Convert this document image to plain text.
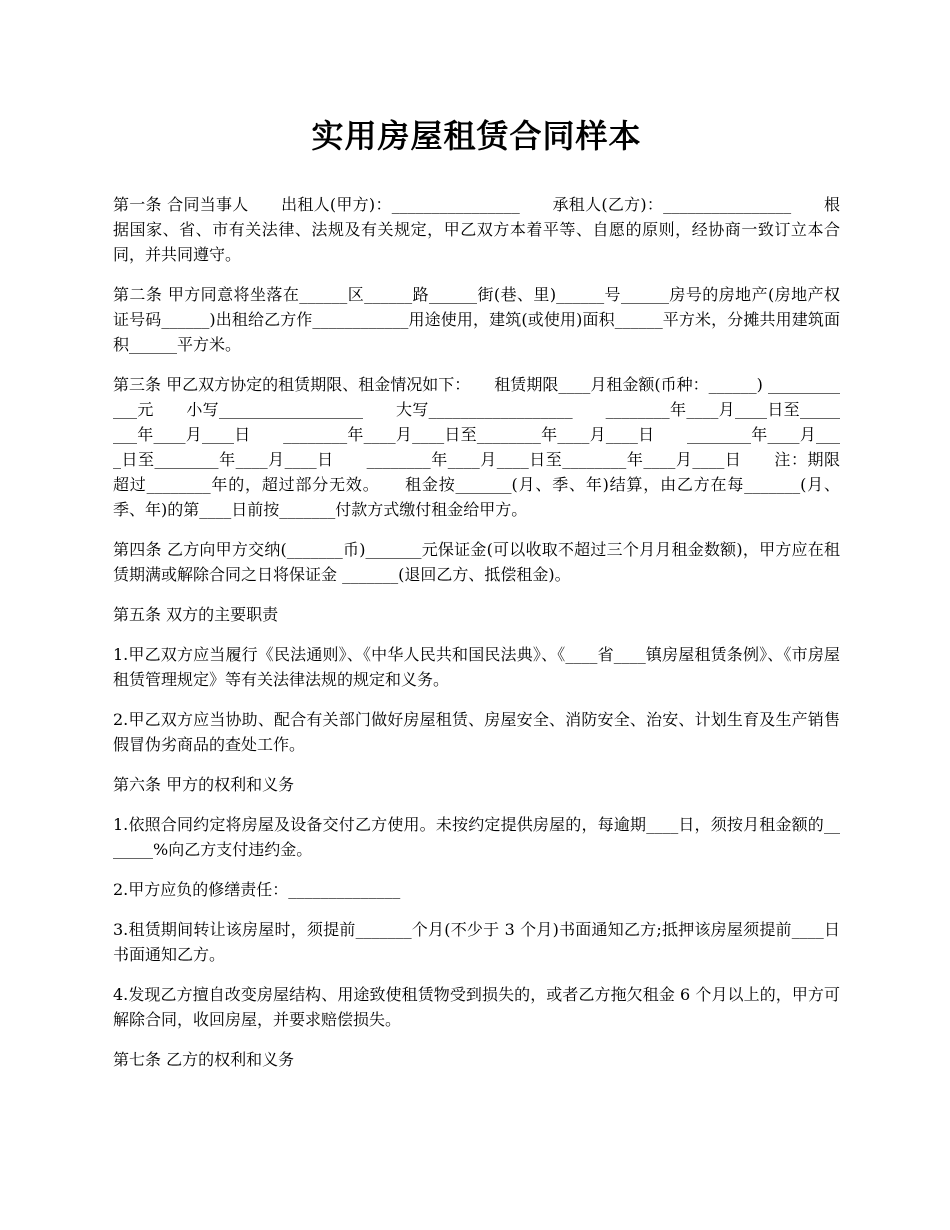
实用房屋租赁合同样本

第一条 合同当事人　　出租人(甲方)：________________　　承租人(乙方)：________________　　根据国家、省、市有关法律、法规及有关规定，甲乙双方本着平等、自愿的原则，经协商一致订立本合同，并共同遵守。

第二条 甲方同意将坐落在______区______路______街(巷、里)______号______房号的房地产(房地产权证号码______)出租给乙方作____________用途使用，建筑(或使用)面积______平方米，分摊共用建筑面积______平方米。

第三条 甲乙双方协定的租赁期限、租金情况如下：　　租赁期限____月租金额(币种：______) ____________元　　小写__________________　　大写__________________　　________年____月____日至________年____月____日　　________年____月____日至________年____月____日　　________年____月____日至________年____月____日　　________年____月____日至________年____月____日　　注：期限超过________年的，超过部分无效。　　租金按_______(月、季、年)结算，由乙方在每_______(月、季、年)的第____日前按_______付款方式缴付租金给甲方。

第四条 乙方向甲方交纳(_______币)_______元保证金(可以收取不超过三个月月租金数额)，甲方应在租赁期满或解除合同之日将保证金 _______(退回乙方、抵偿租金)。

第五条 双方的主要职责

1.甲乙双方应当履行《民法通则》、《中华人民共和国民法典》、《____省____镇房屋租赁条例》、《市房屋租赁管理规定》等有关法律法规的规定和义务。

2.甲乙双方应当协助、配合有关部门做好房屋租赁、房屋安全、消防安全、治安、计划生育及生产销售假冒伪劣商品的查处工作。

第六条 甲方的权利和义务

1.依照合同约定将房屋及设备交付乙方使用。未按约定提供房屋的，每逾期____日，须按月租金额的_______%向乙方支付违约金。

2.甲方应负的修缮责任：______________

3.租赁期间转让该房屋时，须提前_______个月(不少于 3 个月)书面通知乙方;抵押该房屋须提前____日书面通知乙方。

4.发现乙方擅自改变房屋结构、用途致使租赁物受到损失的，或者乙方拖欠租金 6 个月以上的，甲方可解除合同，收回房屋，并要求赔偿损失。

第七条 乙方的权利和义务
